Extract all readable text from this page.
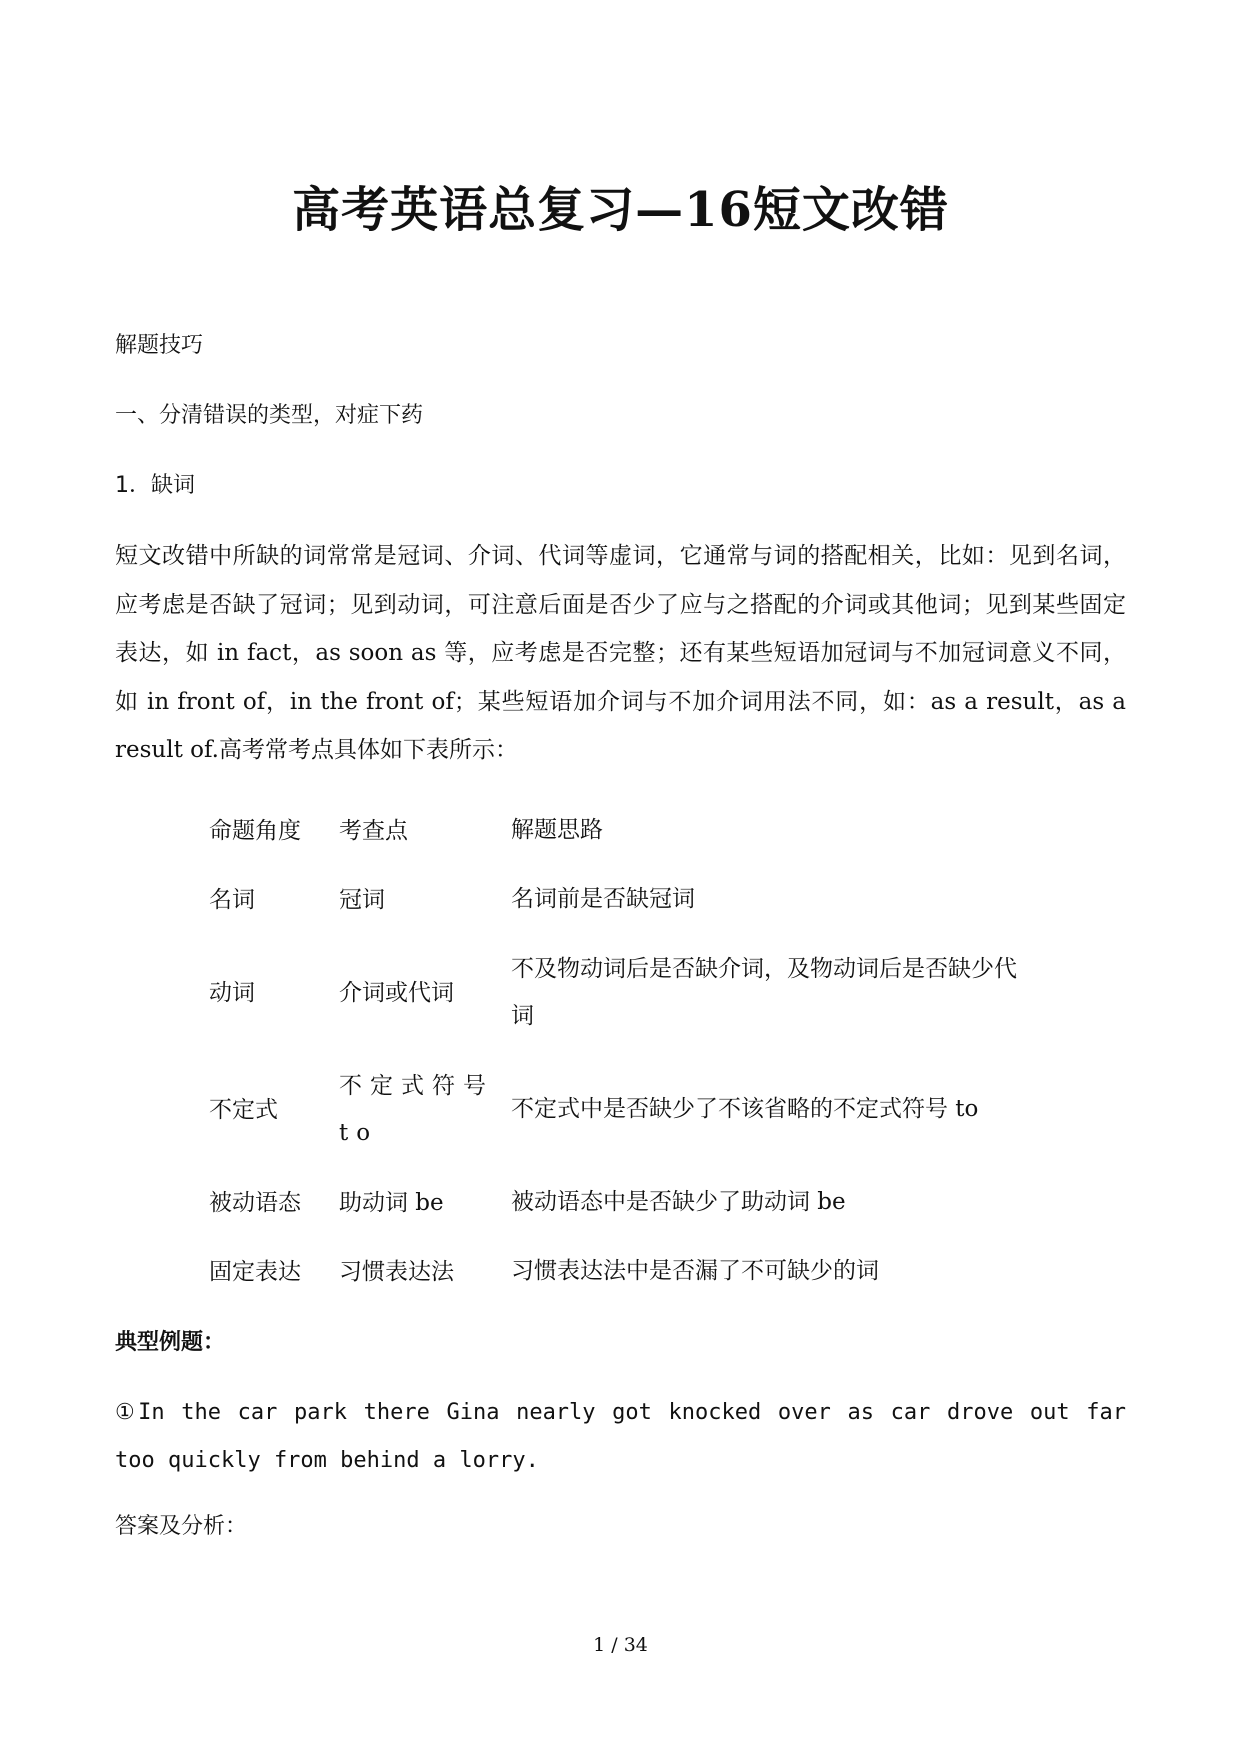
高考英语总复习—16短文改错
解题技巧
一、分清错误的类型，对症下药
1．缺词
短文改错中所缺的词常常是冠词、介词、代词等虚词，它通常与词的搭配相关，比如：见到名词，应考虑是否缺了冠词；见到动词，可注意后面是否少了应与之搭配的介词或其他词；见到某些固定表达，如 in fact，as soon as 等，应考虑是否完整；还有某些短语加冠词与不加冠词意义不同，如 in front of，in the front of；某些短语加介词与不加介词用法不同，如：as a result，as a result of.高考常考点具体如下表所示：
命题角度	考查点	解题思路
名词	冠词	名词前是否缺冠词
动词	介词或代词	不及物动词后是否缺介词，及物动词后是否缺少代词
不定式	不定式符号 to	不定式中是否缺少了不该省略的不定式符号 to
被动语态	助动词 be	被动语态中是否缺少了助动词 be
固定表达	习惯表达法	习惯表达法中是否漏了不可缺少的词
典型例题：
①In the car park there Gina nearly got knocked over as car drove out far too quickly from behind a lorry.
答案及分析：
1 / 34
